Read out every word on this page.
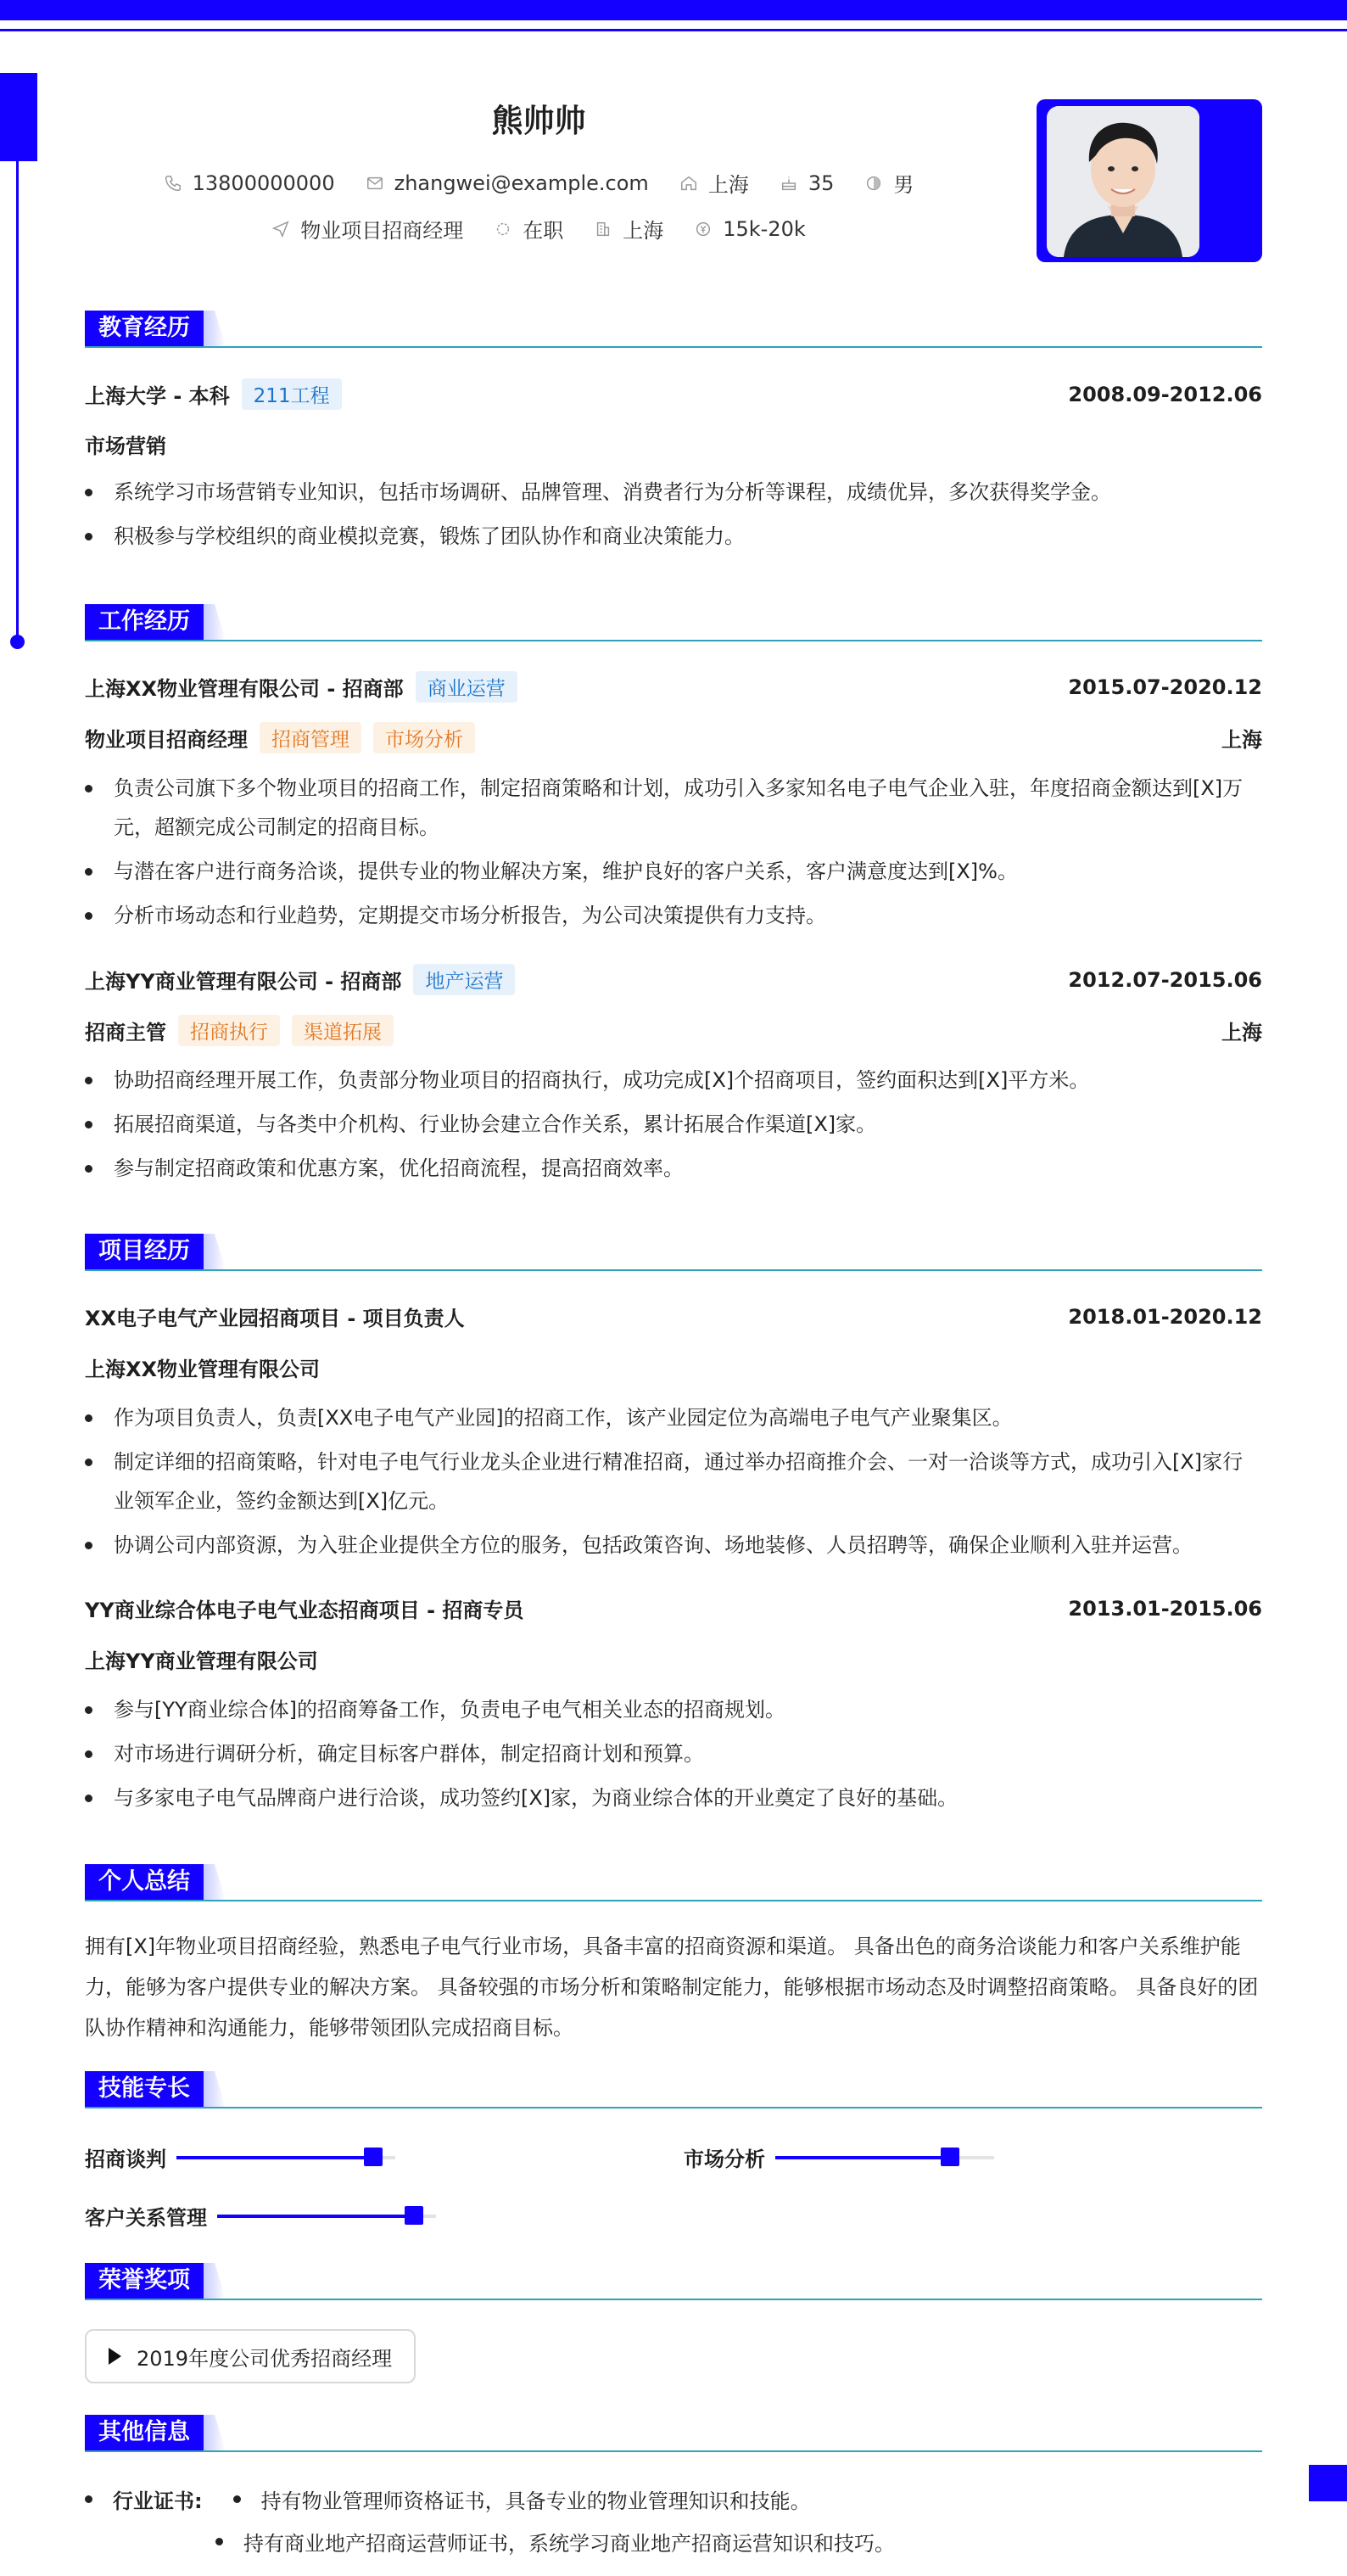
熊帅帅
13800000000	zhangwei@example.com	上海	35	男
物业项目招商经理	在职	上海	15k-20k
教育经历
上海大学 - 本科	211工程	2008.09-2012.06
市场营销
系统学习市场营销专业知识，包括市场调研、品牌管理、消费者行为分析等课程，成绩优异，多次获得奖学金。
积极参与学校组织的商业模拟竞赛，锻炼了团队协作和商业决策能力。
工作经历
上海XX物业管理有限公司 - 招商部	商业运营	2015.07-2020.12
物业项目招商经理	招商管理	市场分析	上海
负责公司旗下多个物业项目的招商工作，制定招商策略和计划，成功引入多家知名电子电气企业入驻，年度招商金额达到[X]万元，超额完成公司制定的招商目标。
与潜在客户进行商务洽谈，提供专业的物业解决方案，维护良好的客户关系，客户满意度达到[X]%。
分析市场动态和行业趋势，定期提交市场分析报告，为公司决策提供有力支持。
上海YY商业管理有限公司 - 招商部	地产运营	2012.07-2015.06
招商主管	招商执行	渠道拓展	上海
协助招商经理开展工作，负责部分物业项目的招商执行，成功完成[X]个招商项目，签约面积达到[X]平方米。
拓展招商渠道，与各类中介机构、行业协会建立合作关系，累计拓展合作渠道[X]家。
参与制定招商政策和优惠方案，优化招商流程，提高招商效率。
项目经历
XX电子电气产业园招商项目 - 项目负责人	2018.01-2020.12
上海XX物业管理有限公司
作为项目负责人，负责[XX电子电气产业园]的招商工作，该产业园定位为高端电子电气产业聚集区。
制定详细的招商策略，针对电子电气行业龙头企业进行精准招商，通过举办招商推介会、一对一洽谈等方式，成功引入[X]家行业领军企业，签约金额达到[X]亿元。
协调公司内部资源，为入驻企业提供全方位的服务，包括政策咨询、场地装修、人员招聘等，确保企业顺利入驻并运营。
YY商业综合体电子电气业态招商项目 - 招商专员	2013.01-2015.06
上海YY商业管理有限公司
参与[YY商业综合体]的招商筹备工作，负责电子电气相关业态的招商规划。
对市场进行调研分析，确定目标客户群体，制定招商计划和预算。
与多家电子电气品牌商户进行洽谈，成功签约[X]家，为商业综合体的开业奠定了良好的基础。
个人总结
拥有[X]年物业项目招商经验，熟悉电子电气行业市场，具备丰富的招商资源和渠道。 具备出色的商务洽谈能力和客户关系维护能力，能够为客户提供专业的解决方案。 具备较强的市场分析和策略制定能力，能够根据市场动态及时调整招商策略。 具备良好的团队协作精神和沟通能力，能够带领团队完成招商目标。
技能专长
招商谈判	市场分析
客户关系管理
荣誉奖项
2019年度公司优秀招商经理
其他信息
行业证书:	持有物业管理师资格证书，具备专业的物业管理知识和技能。
持有商业地产招商运营师证书，系统学习商业地产招商运营知识和技巧。
